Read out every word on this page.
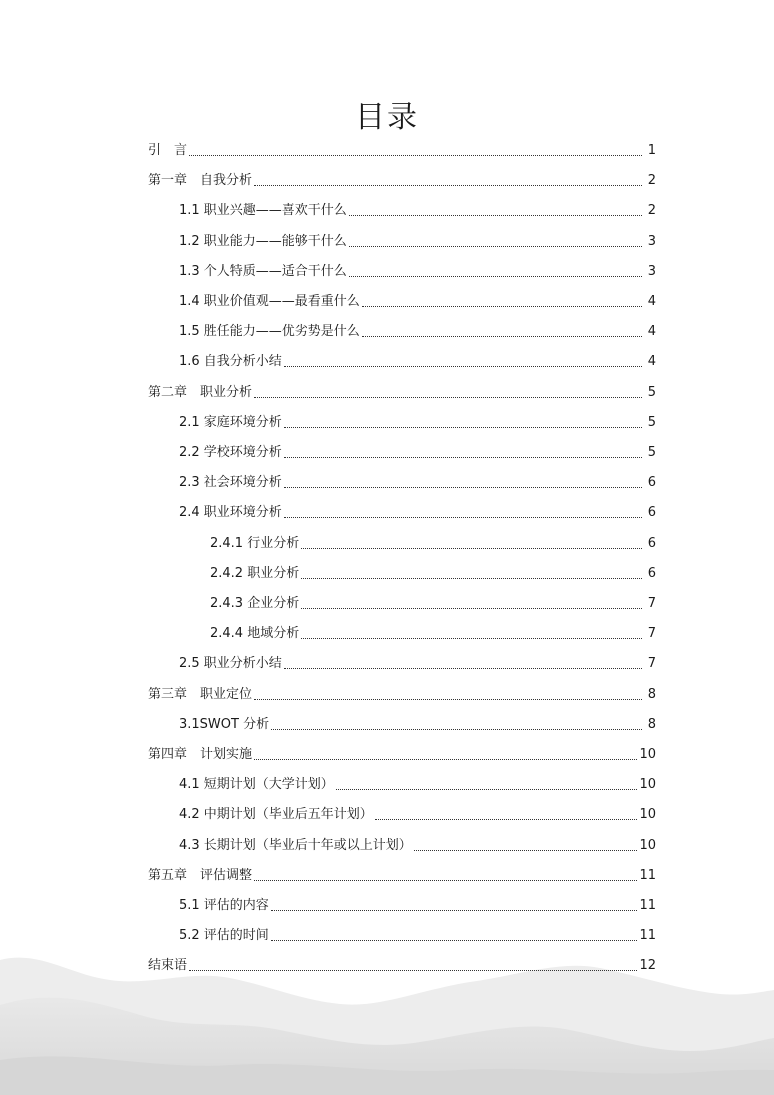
目录
引　言	1
第一章　自我分析	2
1.1 职业兴趣——喜欢干什么	2
1.2 职业能力——能够干什么	3
1.3 个人特质——适合干什么	3
1.4 职业价值观——最看重什么	4
1.5 胜任能力——优劣势是什么	4
1.6 自我分析小结	4
第二章　职业分析	5
2.1 家庭环境分析	5
2.2 学校环境分析	5
2.3 社会环境分析	6
2.4 职业环境分析	6
2.4.1 行业分析	6
2.4.2 职业分析	6
2.4.3 企业分析	7
2.4.4 地域分析	7
2.5 职业分析小结	7
第三章　职业定位	8
3.1SWOT 分析	8
第四章　计划实施	10
4.1 短期计划（大学计划）	10
4.2 中期计划（毕业后五年计划）	10
4.3 长期计划（毕业后十年或以上计划）	10
第五章　评估调整	11
5.1 评估的内容	11
5.2 评估的时间	11
结束语	12
